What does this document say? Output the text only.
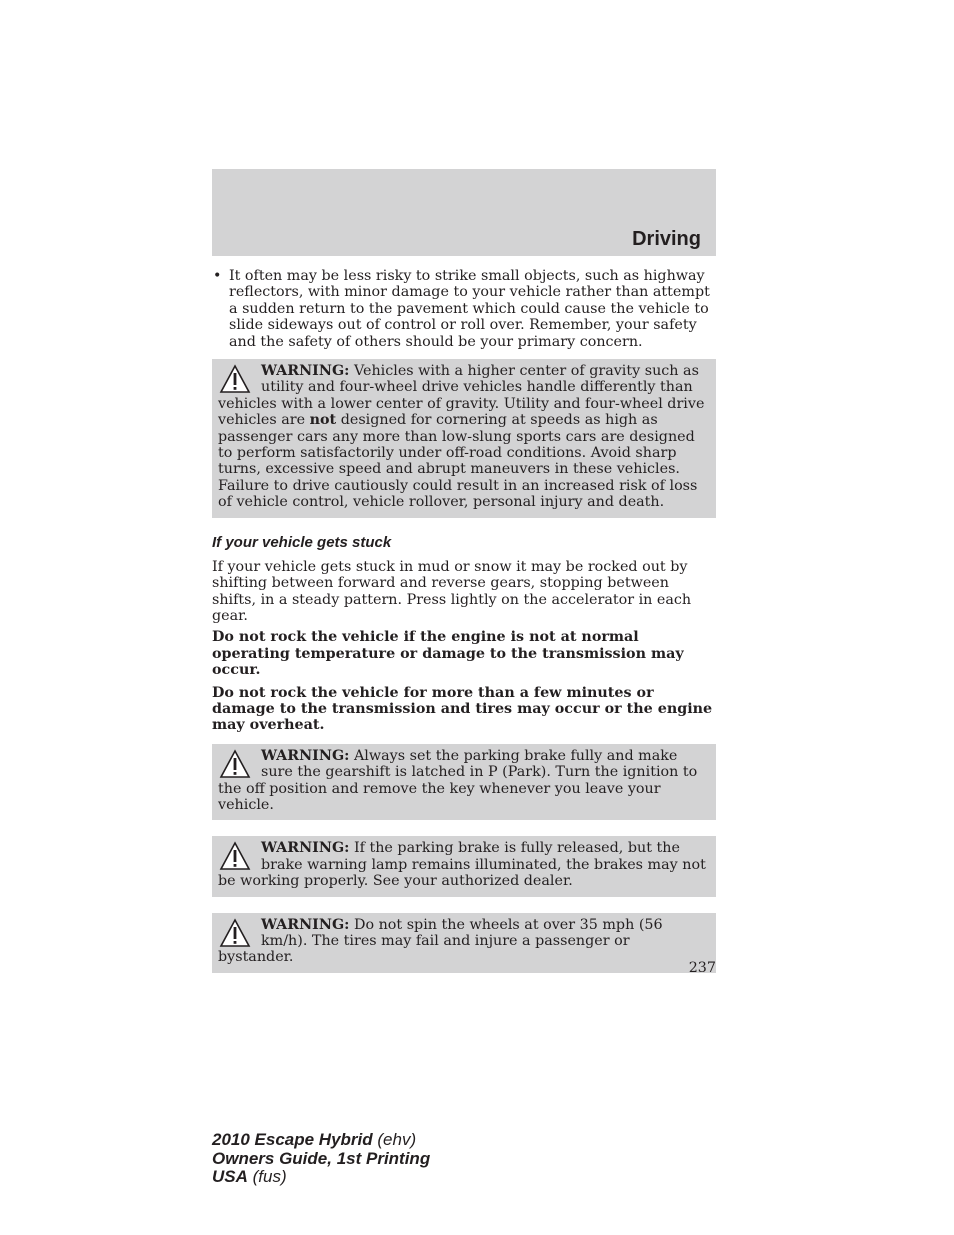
Driving
• It often may be less risky to strike small objects, such as highway reflectors, with minor damage to your vehicle rather than attempt a sudden return to the pavement which could cause the vehicle to slide sideways out of control or roll over. Remember, your safety and the safety of others should be your primary concern.
WARNING: Vehicles with a higher center of gravity such as utility and four-wheel drive vehicles handle differently than vehicles with a lower center of gravity. Utility and four-wheel drive vehicles are not designed for cornering at speeds as high as passenger cars any more than low-slung sports cars are designed to perform satisfactorily under off-road conditions. Avoid sharp turns, excessive speed and abrupt maneuvers in these vehicles. Failure to drive cautiously could result in an increased risk of loss of vehicle control, vehicle rollover, personal injury and death.
If your vehicle gets stuck

If your vehicle gets stuck in mud or snow it may be rocked out by shifting between forward and reverse gears, stopping between shifts, in a steady pattern. Press lightly on the accelerator in each gear.

Do not rock the vehicle if the engine is not at normal operating temperature or damage to the transmission may occur.

Do not rock the vehicle for more than a few minutes or damage to the transmission and tires may occur or the engine may overheat.

WARNING: Always set the parking brake fully and make sure the gearshift is latched in P (Park). Turn the ignition to the off position and remove the key whenever you leave your vehicle.
WARNING: If the parking brake is fully released, but the brake warning lamp remains illuminated, the brakes may not be working properly. See your authorized dealer.
WARNING: Do not spin the wheels at over 35 mph (56 km/h). The tires may fail and injure a passenger or bystander.
237
2010 Escape Hybrid (ehv)
Owners Guide, 1st Printing
USA (fus)
